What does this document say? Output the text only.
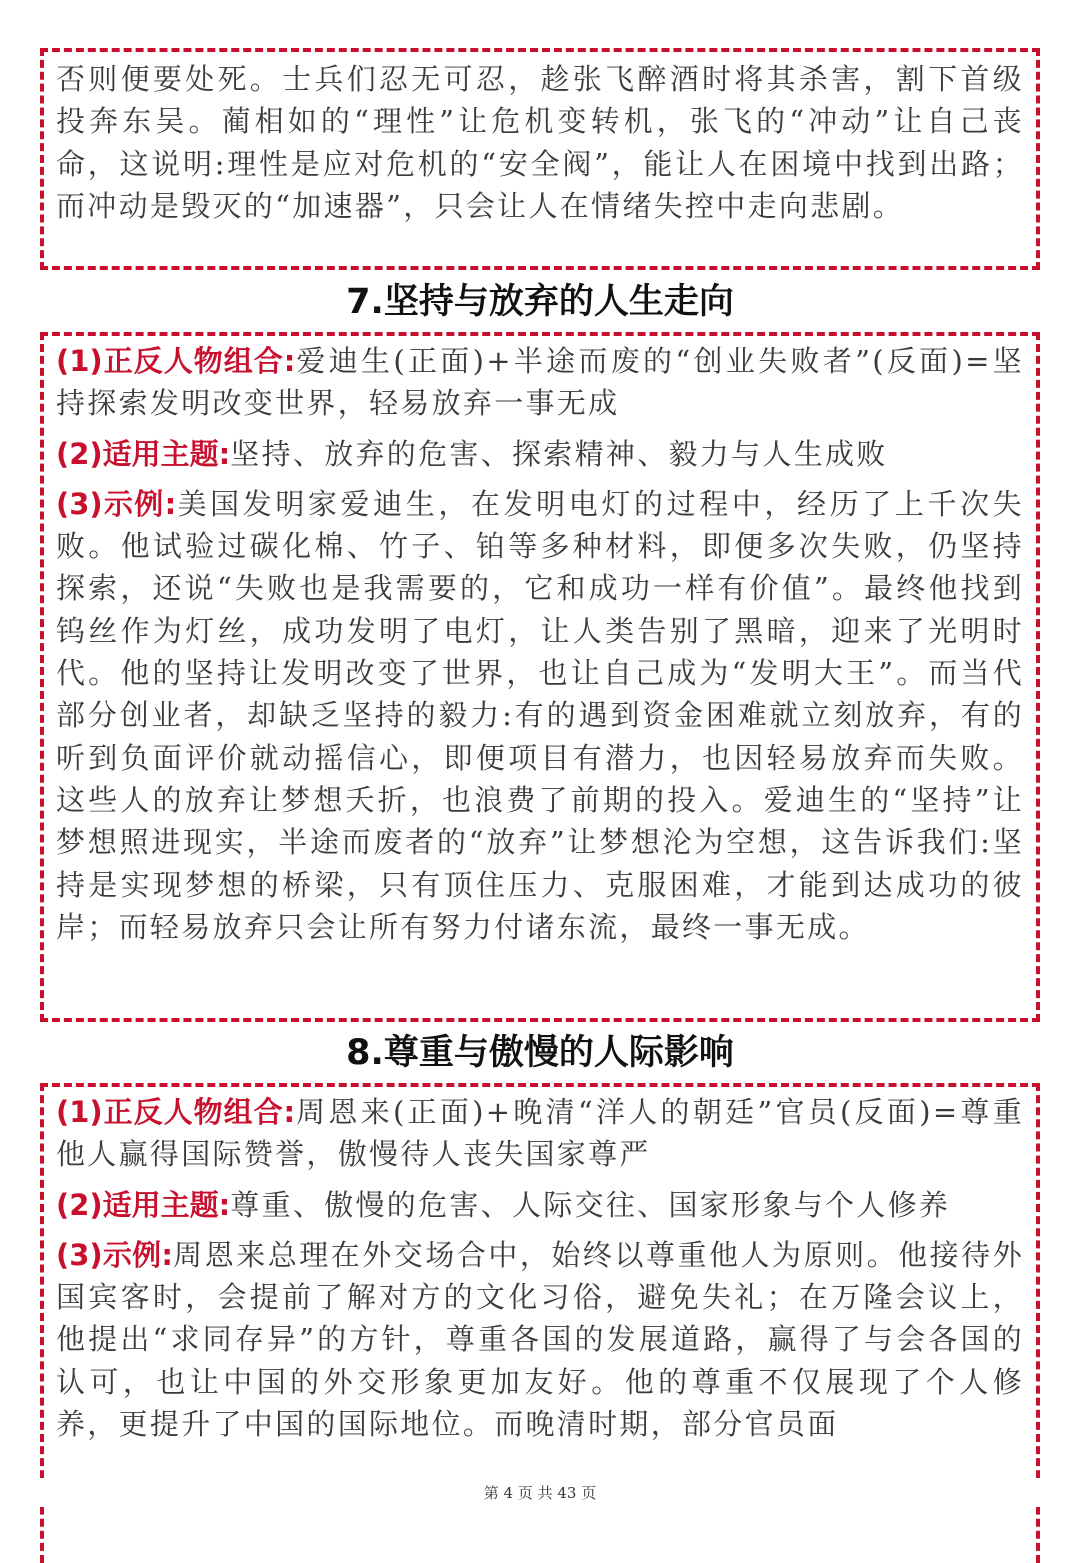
否则便要处死。士兵们忍无可忍，趁张飞醉酒时将其杀害，割下首级投奔东吴。蔺相如的“理性”让危机变转机，张飞的“冲动”让自己丧命，这说明:理性是应对危机的“安全阀”，能让人在困境中找到出路；而冲动是毁灭的“加速器”，只会让人在情绪失控中走向悲剧。

7.坚持与放弃的人生走向

(1)正反人物组合:爱迪生(正面)+半途而废的“创业失败者”(反面)=坚持探索发明改变世界，轻易放弃一事无成

(2)适用主题:坚持、放弃的危害、探索精神、毅力与人生成败

(3)示例:美国发明家爱迪生，在发明电灯的过程中，经历了上千次失败。他试验过碳化棉、竹子、铂等多种材料，即便多次失败，仍坚持探索，还说“失败也是我需要的，它和成功一样有价值”。最终他找到钨丝作为灯丝，成功发明了电灯，让人类告别了黑暗，迎来了光明时代。他的坚持让发明改变了世界，也让自己成为“发明大王”。而当代部分创业者，却缺乏坚持的毅力:有的遇到资金困难就立刻放弃，有的听到负面评价就动摇信心，即便项目有潜力，也因轻易放弃而失败。这些人的放弃让梦想夭折，也浪费了前期的投入。爱迪生的“坚持”让梦想照进现实，半途而废者的“放弃”让梦想沦为空想，这告诉我们:坚持是实现梦想的桥梁，只有顶住压力、克服困难，才能到达成功的彼岸；而轻易放弃只会让所有努力付诸东流，最终一事无成。

8.尊重与傲慢的人际影响

(1)正反人物组合:周恩来(正面)+晚清“洋人的朝廷”官员(反面)=尊重他人赢得国际赞誉，傲慢待人丧失国家尊严

(2)适用主题:尊重、傲慢的危害、人际交往、国家形象与个人修养

(3)示例:周恩来总理在外交场合中，始终以尊重他人为原则。他接待外国宾客时，会提前了解对方的文化习俗，避免失礼；在万隆会议上，他提出“求同存异”的方针，尊重各国的发展道路，赢得了与会各国的认可，也让中国的外交形象更加友好。他的尊重不仅展现了个人修养，更提升了中国的国际地位。而晚清时期，部分官员面

第 4 页 共 43 页
